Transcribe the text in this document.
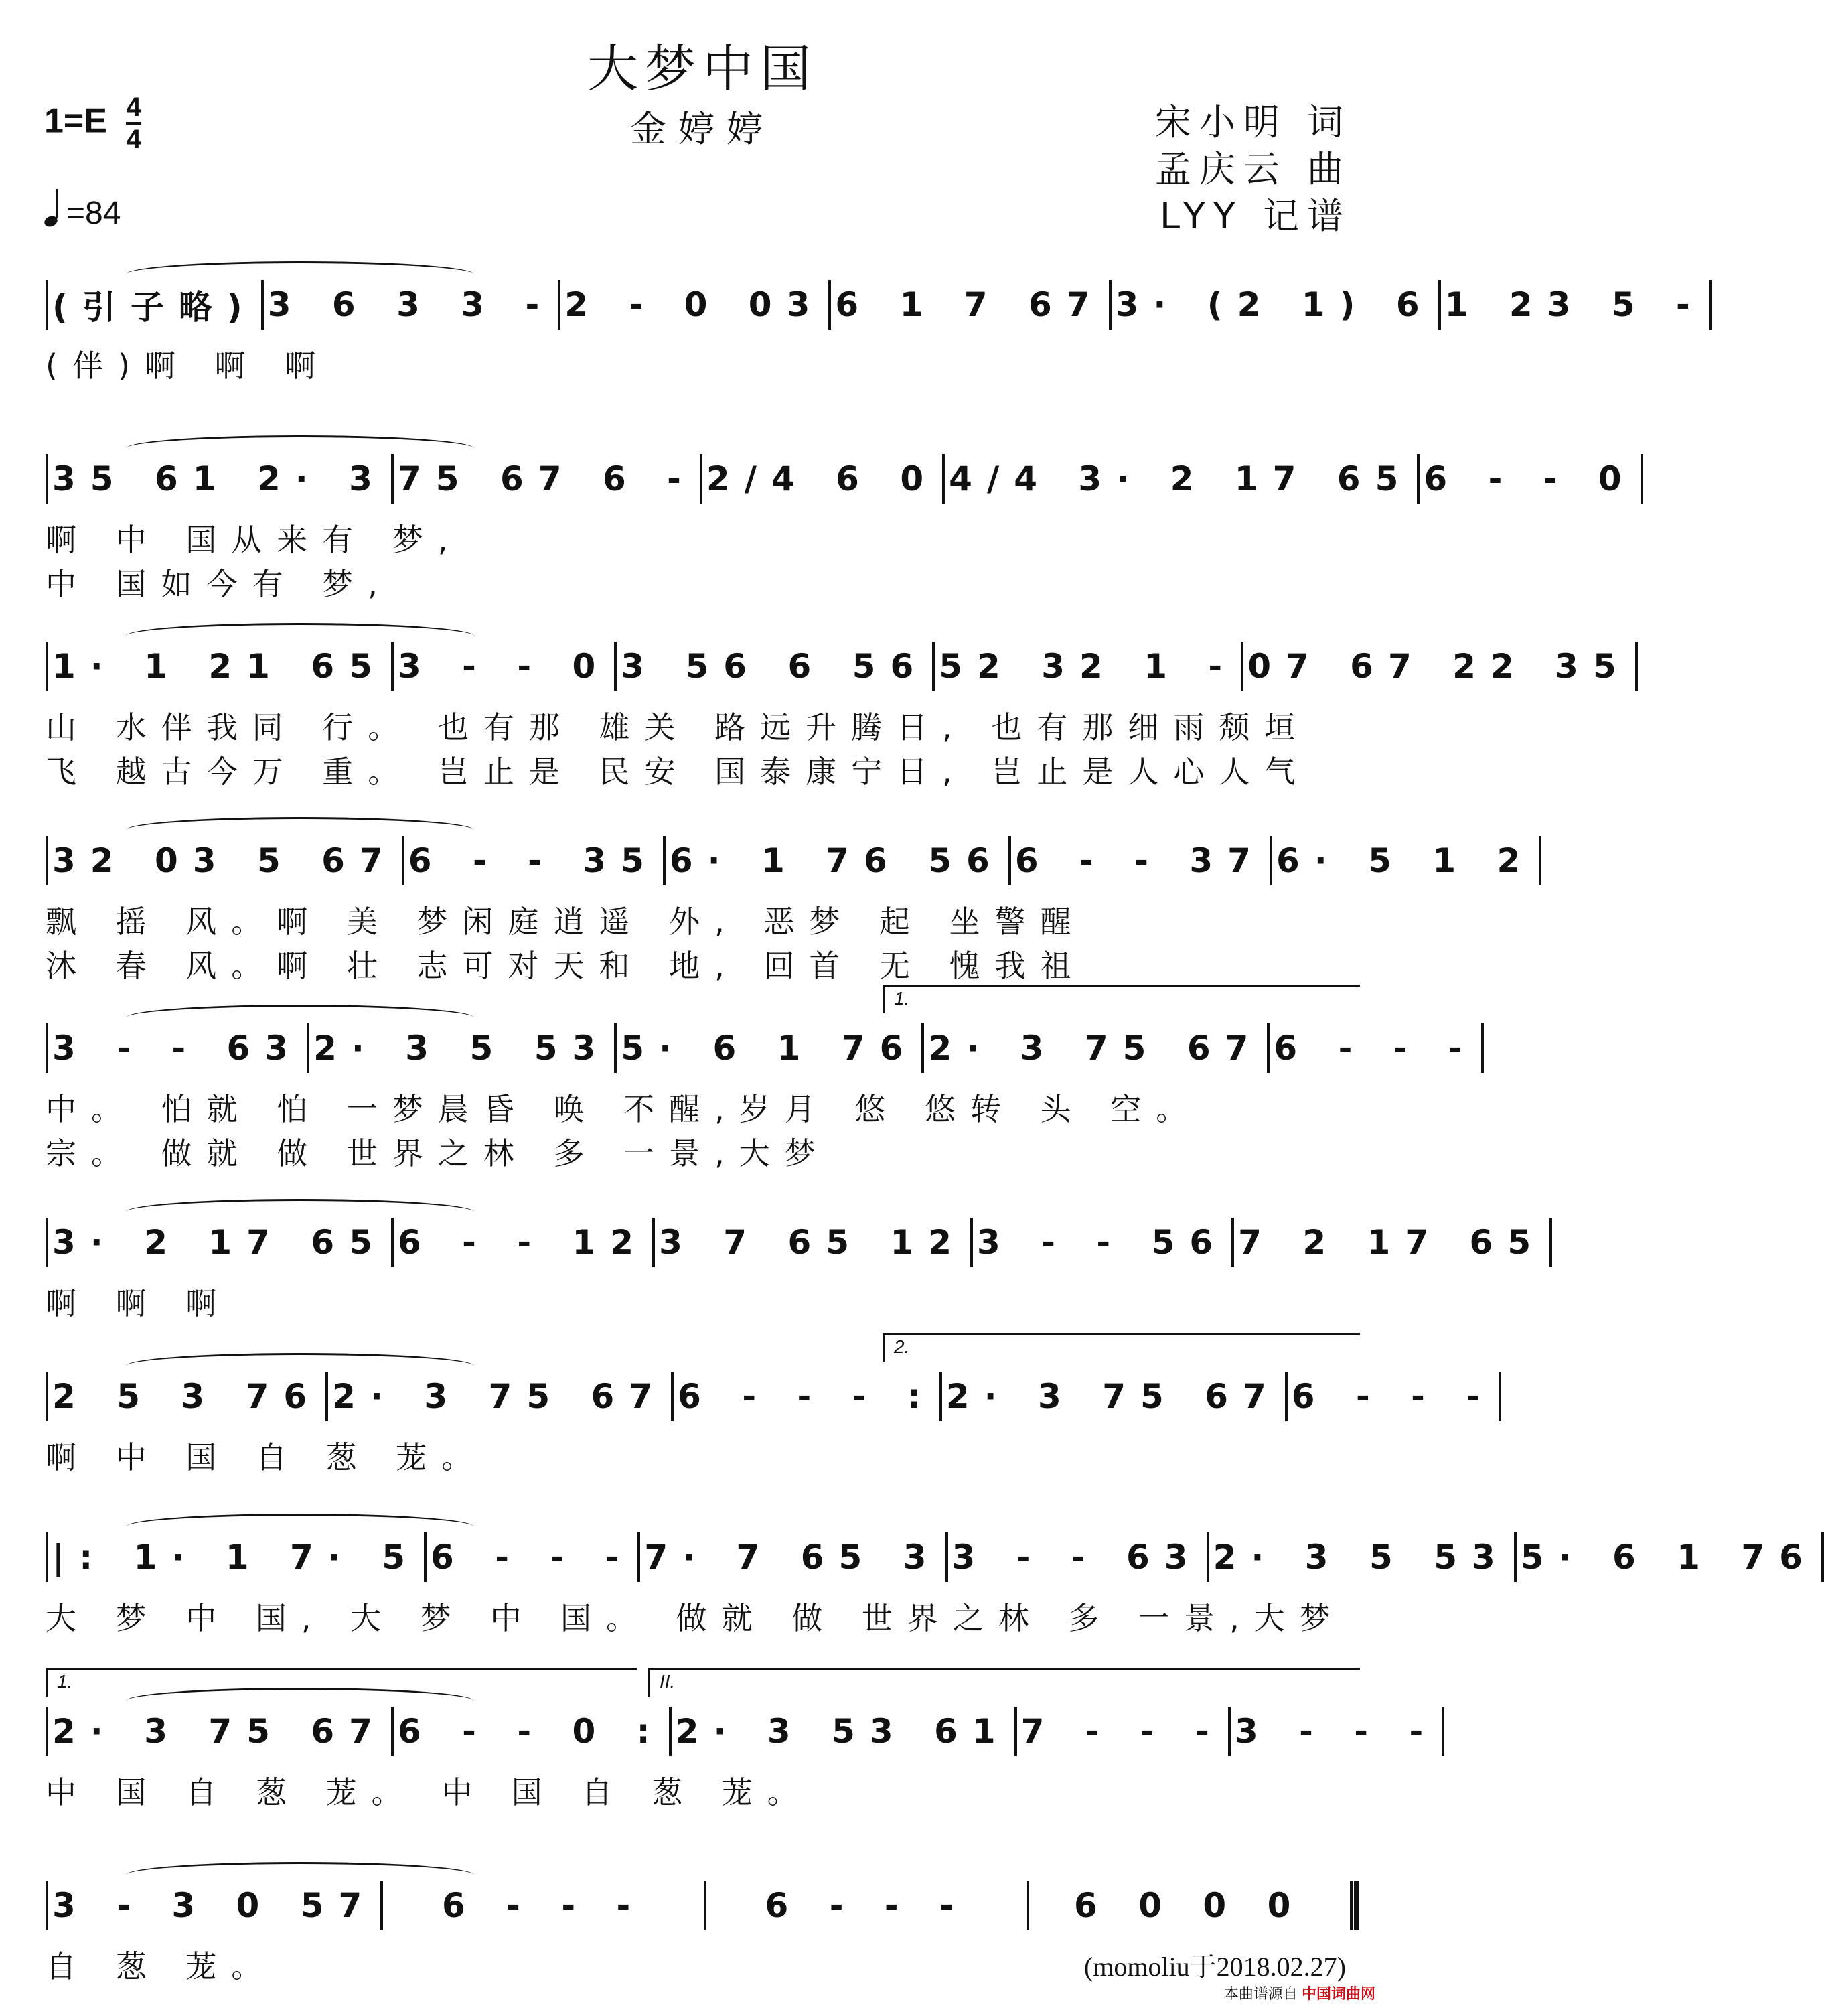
大梦中国
金婷婷	宋小明 词
孟庆云 曲
LYY 记谱
$1=E \frac{4}{4}$
=84
(引子略) 3 6 3 3 - 2 - 0 03 6 1 7 67 3· (2 1) 6 1 23 5 -
(伴)啊 啊 啊
35 61 2· 3 75 67 6 - 2/4 6 0 4/4 3· 2 17 65 6 - - 0
啊 中 国从来有 梦,
中 国如今有 梦,
1· 1 21 65 3 - - 0 3 56 6 56 52 32 1 - 07 67 22 35
山 水伴我同 行。 也有那 雄关 路远升腾日, 也有那细雨颓垣
飞 越古今万 重。 岂止是 民安 国泰康宁日, 岂止是人心人气
32 03 5 67 6 - - 35 6· 1 76 56 6 - - 37 6· 5 1 2
飘 摇 风。啊 美 梦闲庭逍遥 外, 恶梦 起 坐警醒
沐 春 风。啊 壮 志可对天和 地, 回首 无 愧我祖
1.
3 - - 63 2· 3 5 53 5· 6 1 76 2· 3 75 67 6 - - -
中。 怕就 怕 一梦晨昏 唤 不醒,岁月 悠 悠转 头 空。
宗。 做就 做 世界之林 多 一景,大梦
3· 2 17 65 6 - - 12 3 7 65 12 3 - - 56 7 2 17 65
啊 啊 啊
2.
2 5 3 76 2· 3 75 67 6 - - - : 2· 3 75 67 6 - - -
啊 中 国 自 葱 茏。
|: 1· 1 7· 5 6 - - - 7· 7 65 3 3 - - 63 2· 3 5 53 5· 6 1 76
大 梦 中 国, 大 梦 中 国。 做就 做 世界之林 多 一景,大梦
1.	II.
2· 3 75 67 6 - - 0 : 2· 3 53 61 7 - - - 3 - - -
中 国 自 葱 茏。 中 国 自 葱 茏。
3 - 3 0 57 6 - - -	6 - - -	6 0 0 0
自 葱 茏。	(momoliu于2018.02.27)
本曲谱源自 中国词曲网
